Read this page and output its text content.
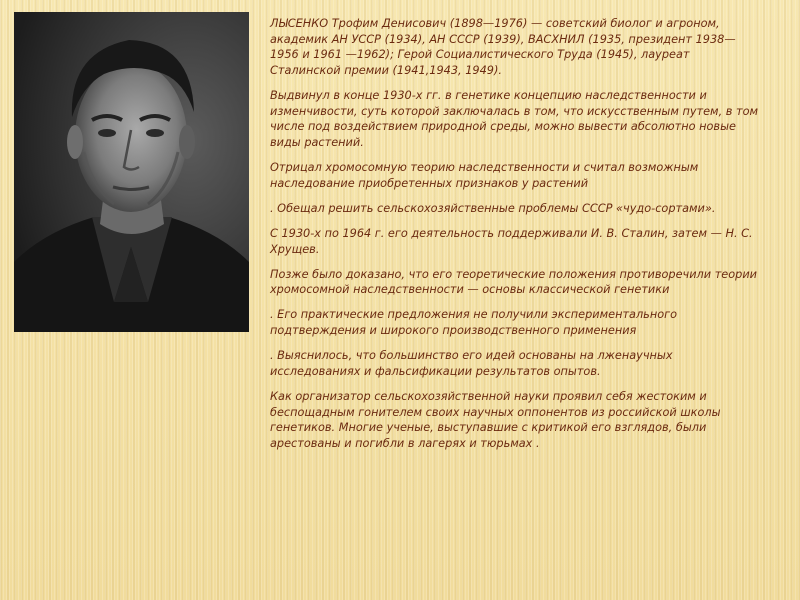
ЛЫСЕНКО Трофим Денисович (1898—1976) — советский биолог и агроном, академик АН УССР (1934), АН СССР (1939), ВАСХНИЛ (1935, президент 1938—1956 и 1961 —1962); Герой Социалистического Труда (1945), лауреат Сталинской премии (1941,1943, 1949).

Выдвинул в конце 1930-х гг. в генетике концепцию наследственности и изменчивости, суть которой заключалась в том, что искусственным путем, в том числе под воздействием природной среды, можно вывести абсолютно новые виды растений.

Отрицал хромосомную теорию наследственности и считал возможным наследование приобретенных признаков у растений

. Обещал решить сельскохозяйственные проблемы СССР «чудо-сортами».

С 1930-х по 1964 г. его деятельность поддерживали И. В. Сталин, затем — Н. С. Хрущев.

Позже было доказано, что его теоретические положения противоречили теории хромосомной наследственности — основы классической генетики

. Его практические предложения не получили экспериментального подтверждения и широкого производственного применения

. Выяснилось, что большинство его идей основаны на лженаучных исследованиях и фальсификации результатов опытов.

Как организатор сельскохозяйственной науки проявил себя жестоким и беспощадным гонителем своих научных оппонентов из российской школы генетиков. Многие ученые, выступавшие с критикой его взглядов, были арестованы и погибли в лагерях и тюрьмах .
